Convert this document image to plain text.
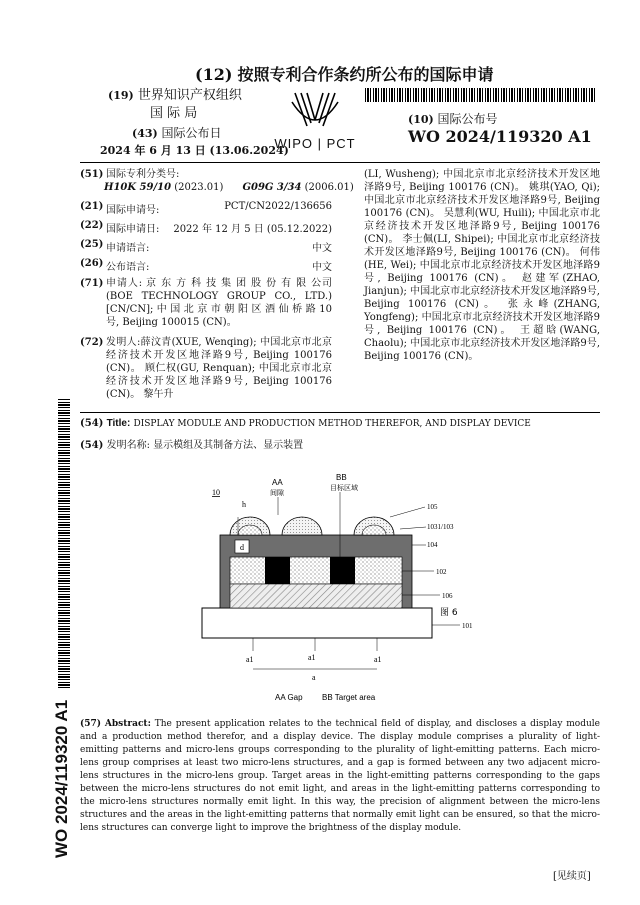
(12) 按照专利合作条约所公布的国际申请
(19) 世界知识产权组织
国 际 局
(43) 国际公布日
2024 年 6 月 13 日 (13.06.2024)
WIPO | PCT
(10) 国际公布号
WO 2024/119320 A1
(51) 国际专利分类号:
H10K 59/10 (2023.01) G09G 3/34 (2006.01)
(21) 国际申请号:	PCT/CN2022/136656
(22) 国际申请日: 2022 年 12 月 5 日 (05.12.2022)
(25) 申请语言:	中文
(26) 公布语言:	中文
(71) 申请人: 京 东 方 科 技 集 团 股 份 有 限 公司(BOE TECHNOLOGY GROUP CO., LTD.) [CN/CN]; 中 国 北 京 市 朝 阳 区 酒 仙 桥 路 10 号, Beijing 100015 (CN)。
(72) 发明人:薛汶青(XUE, Wenqing); 中国北京市北京经济技术开发区地泽路9号, Beijing 100176 (CN)。 顾仁权(GU, Renquan); 中国北京市北京经济技术开发区地泽路9号, Beijing 100176 (CN)。 黎午升
(LI, Wusheng); 中国北京市北京经济技术开发区地泽路9号, Beijing 100176 (CN)。 姚琪(YAO, Qi); 中国北京市北京经济技术开发区地泽路9号, Beijing 100176 (CN)。 吴慧利(WU, Huili); 中国北京市北京经济技术开发区地泽路9号, Beijing 100176 (CN)。 李士佩(LI, Shipei); 中国北京市北京经济技术开发区地泽路9号, Beijing 100176 (CN)。 何伟(HE, Wei); 中国北京市北京经济技术开发区地泽路9号, Beijing 100176 (CN)。 赵建军(ZHAO, Jianjun); 中国北京市北京经济技术开发区地泽路9号, Beijing 100176 (CN)。 张永峰(ZHANG, Yongfeng); 中国北京市北京经济技术开发区地泽路9号, Beijing 100176 (CN)。 王超晗(WANG, Chaolu); 中国北京市北京经济技术开发区地泽路9号, Beijing 100176 (CN)。
(54) Title: DISPLAY MODULE AND PRODUCTION METHOD THEREFOR, AND DISPLAY DEVICE
(54) 发明名称: 显示模组及其制备方法、显示装置
WO 2024/119320 A1
d
h
10
AA
间隙
BB
目标区域
105
1031/103
104
102
106
图 6
101
a1	a1	a1
a
AA Gap BB Target area
(57) Abstract: The present application relates to the technical field of display, and discloses a display module and a production method therefor, and a display device. The display module comprises a plurality of light-emitting patterns and micro-lens groups corresponding to the plurality of light-emitting patterns. Each micro-lens group comprises at least two micro-lens structures, and a gap is formed between any two adjacent micro-lens structures in the micro-lens group. Target areas in the light-emitting patterns corresponding to the gaps between the micro-lens structures do not emit light, and areas in the light-emitting patterns corresponding to the micro-lens structures normally emit light. In this way, the precision of alignment between the micro-lens structures and the areas in the light-emitting patterns that normally emit light can be ensured, so that the micro-lens structures can converge light to improve the brightness of the display module.
[见续页]
